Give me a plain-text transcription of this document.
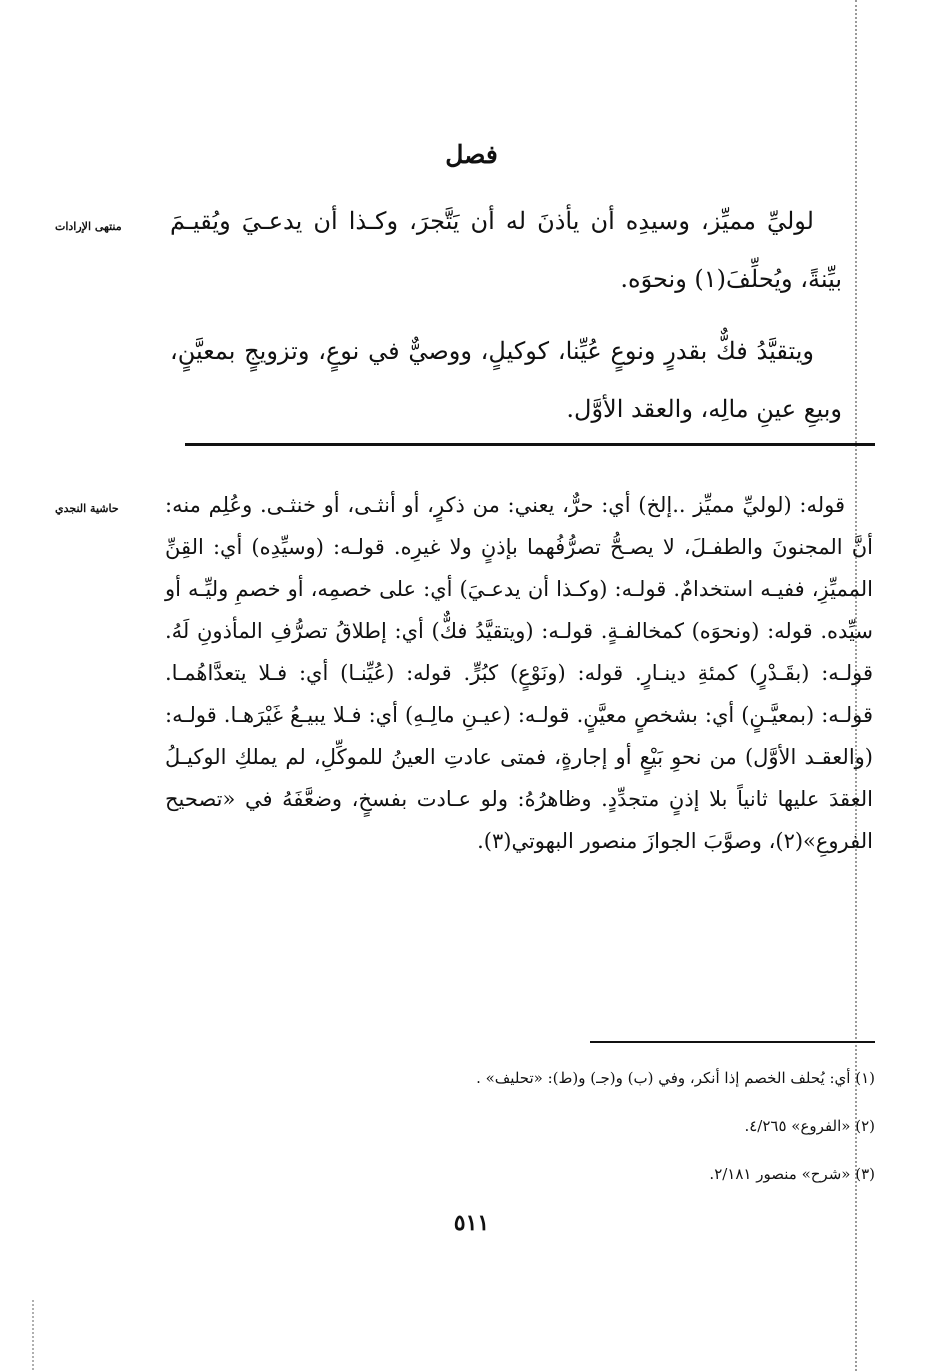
فصل
منتهى الإرادات
حاشية النجدي

لوليِّ مميِّز، وسيدِه أن يأذنَ له أن يَتَّجرَ، وكـذا أن يدعـيَ ويُقيـمَ بيِّنةً، ويُحلِّفَ(١) ونحوَه.

ويتقيَّدُ فكٌّ بقدرٍ ونوعٍ عُيِّنا، كوكيلٍ، ووصيٌّ في نوعٍ، وتزويجٍ بمعيَّنٍ، وبيعِ عينِ مالِه، والعقد الأوَّل.

قوله: (لوليِّ مميِّز ..إلخ) أي: حرٌّ، يعني: من ذكرٍ، أو أنثـى، أو خنثـى. وعُلِم منه: أنَّ المجنونَ والطفـلَ، لا يصـحُّ تصرُّفُهما بإذنٍ ولا غيرِه. قولـه: (وسيِّدِه) أي: القِنِّ المميِّزِ، ففيـه استخدامٌ. قولـه: (وكـذا أن يدعـيَ) أي: على خصمِه، أو خصمِ وليِّـه أو سيِّده. قوله: (ونحوَه) كمخالفـةٍ. قولـه: (ويتقيَّدُ فكٌّ) أي: إطلاقُ تصرُّفِ المأذونِ لَهُ. قولـه: (بقَـدْرٍ) كمئةِ دينـارٍ. قوله: (ونَوْعٍ) كبُرٍّ. قوله: (عُيِّنـا) أي: فـلا يتعدَّاهُمـا. قولـه: (بمعيَّـنٍ) أي: بشخصٍ معيَّنٍ. قولـه: (عيـنِ مالِـهِ) أي: فـلا يبيـعُ غَيْرَهـا. قولـه: (والعقـد الأوَّل) من نحوِ بَيْعٍ أو إجارةٍ، فمتى عادتِ العينُ للموكِّلِ، لم يملكِ الوكيـلُ العقدَ عليها ثانياً بلا إذنٍ متجدِّدٍ. وظاهرُهُ: ولو عـادت بفسخٍ، وضعَّفَهُ في «تصحيح الفروعِ»(٢)، وصوَّبَ الجوازَ منصور البهوتي(٣).

(١) أي: يُحلف الخصم إذا أنكر، وفي (ب) و(جـ) و(ط): «تحليف» .
(٢) «الفروع» ٤/٢٦٥.
(٣) «شرح» منصور ٢/١٨١.
٥١١
